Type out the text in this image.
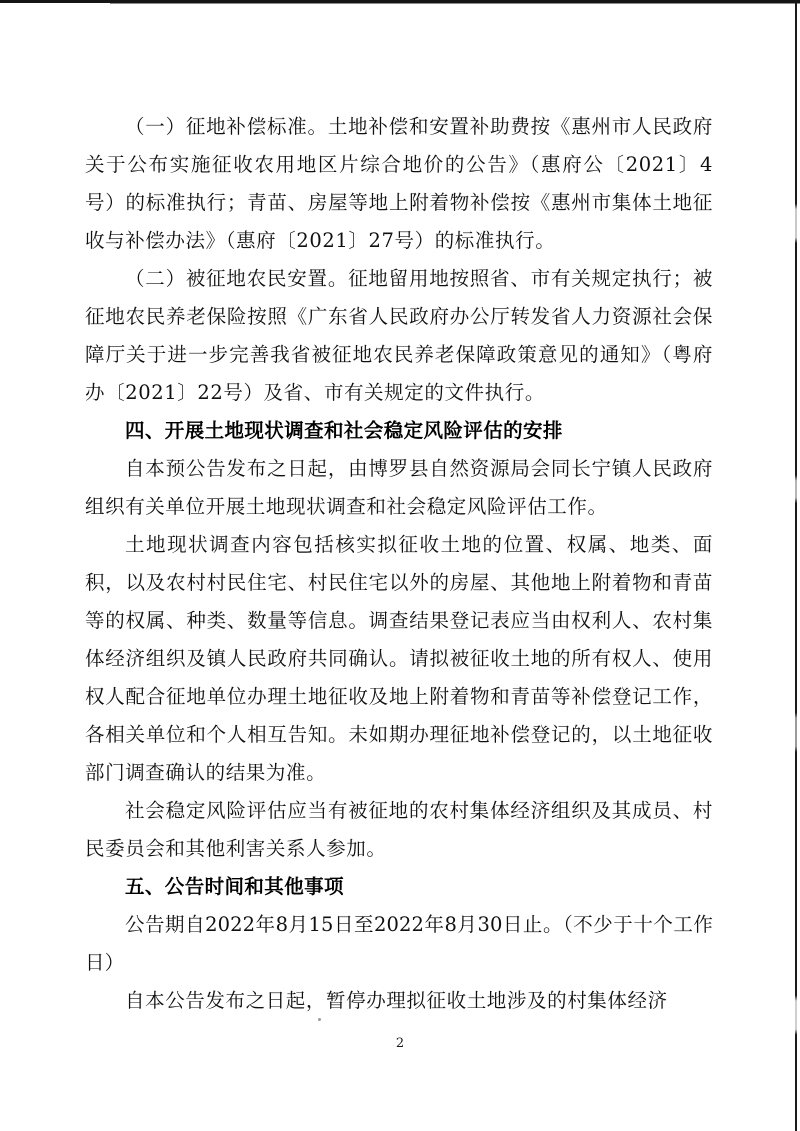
（一）征地补偿标准。土地补偿和安置补助费按《惠州市人民政府关于公布实施征收农用地区片综合地价的公告》（惠府公〔2021〕4号）的标准执行；青苗、房屋等地上附着物补偿按《惠州市集体土地征收与补偿办法》（惠府〔2021〕27号）的标准执行。

（二）被征地农民安置。征地留用地按照省、市有关规定执行；被征地农民养老保险按照《广东省人民政府办公厅转发省人力资源社会保障厅关于进一步完善我省被征地农民养老保障政策意见的通知》（粤府办〔2021〕22号）及省、市有关规定的文件执行。

四、开展土地现状调查和社会稳定风险评估的安排

自本预公告发布之日起，由博罗县自然资源局会同长宁镇人民政府组织有关单位开展土地现状调查和社会稳定风险评估工作。

土地现状调查内容包括核实拟征收土地的位置、权属、地类、面积，以及农村村民住宅、村民住宅以外的房屋、其他地上附着物和青苗等的权属、种类、数量等信息。调查结果登记表应当由权利人、农村集体经济组织及镇人民政府共同确认。请拟被征收土地的所有权人、使用权人配合征地单位办理土地征收及地上附着物和青苗等补偿登记工作，各相关单位和个人相互告知。未如期办理征地补偿登记的，以土地征收部门调查确认的结果为准。

社会稳定风险评估应当有被征地的农村集体经济组织及其成员、村民委员会和其他利害关系人参加。

五、公告时间和其他事项

公告期自2022年8月15日至2022年8月30日止。（不少于十个工作日）

自本公告发布之日起，暂停办理拟征收土地涉及的村集体经济

2
